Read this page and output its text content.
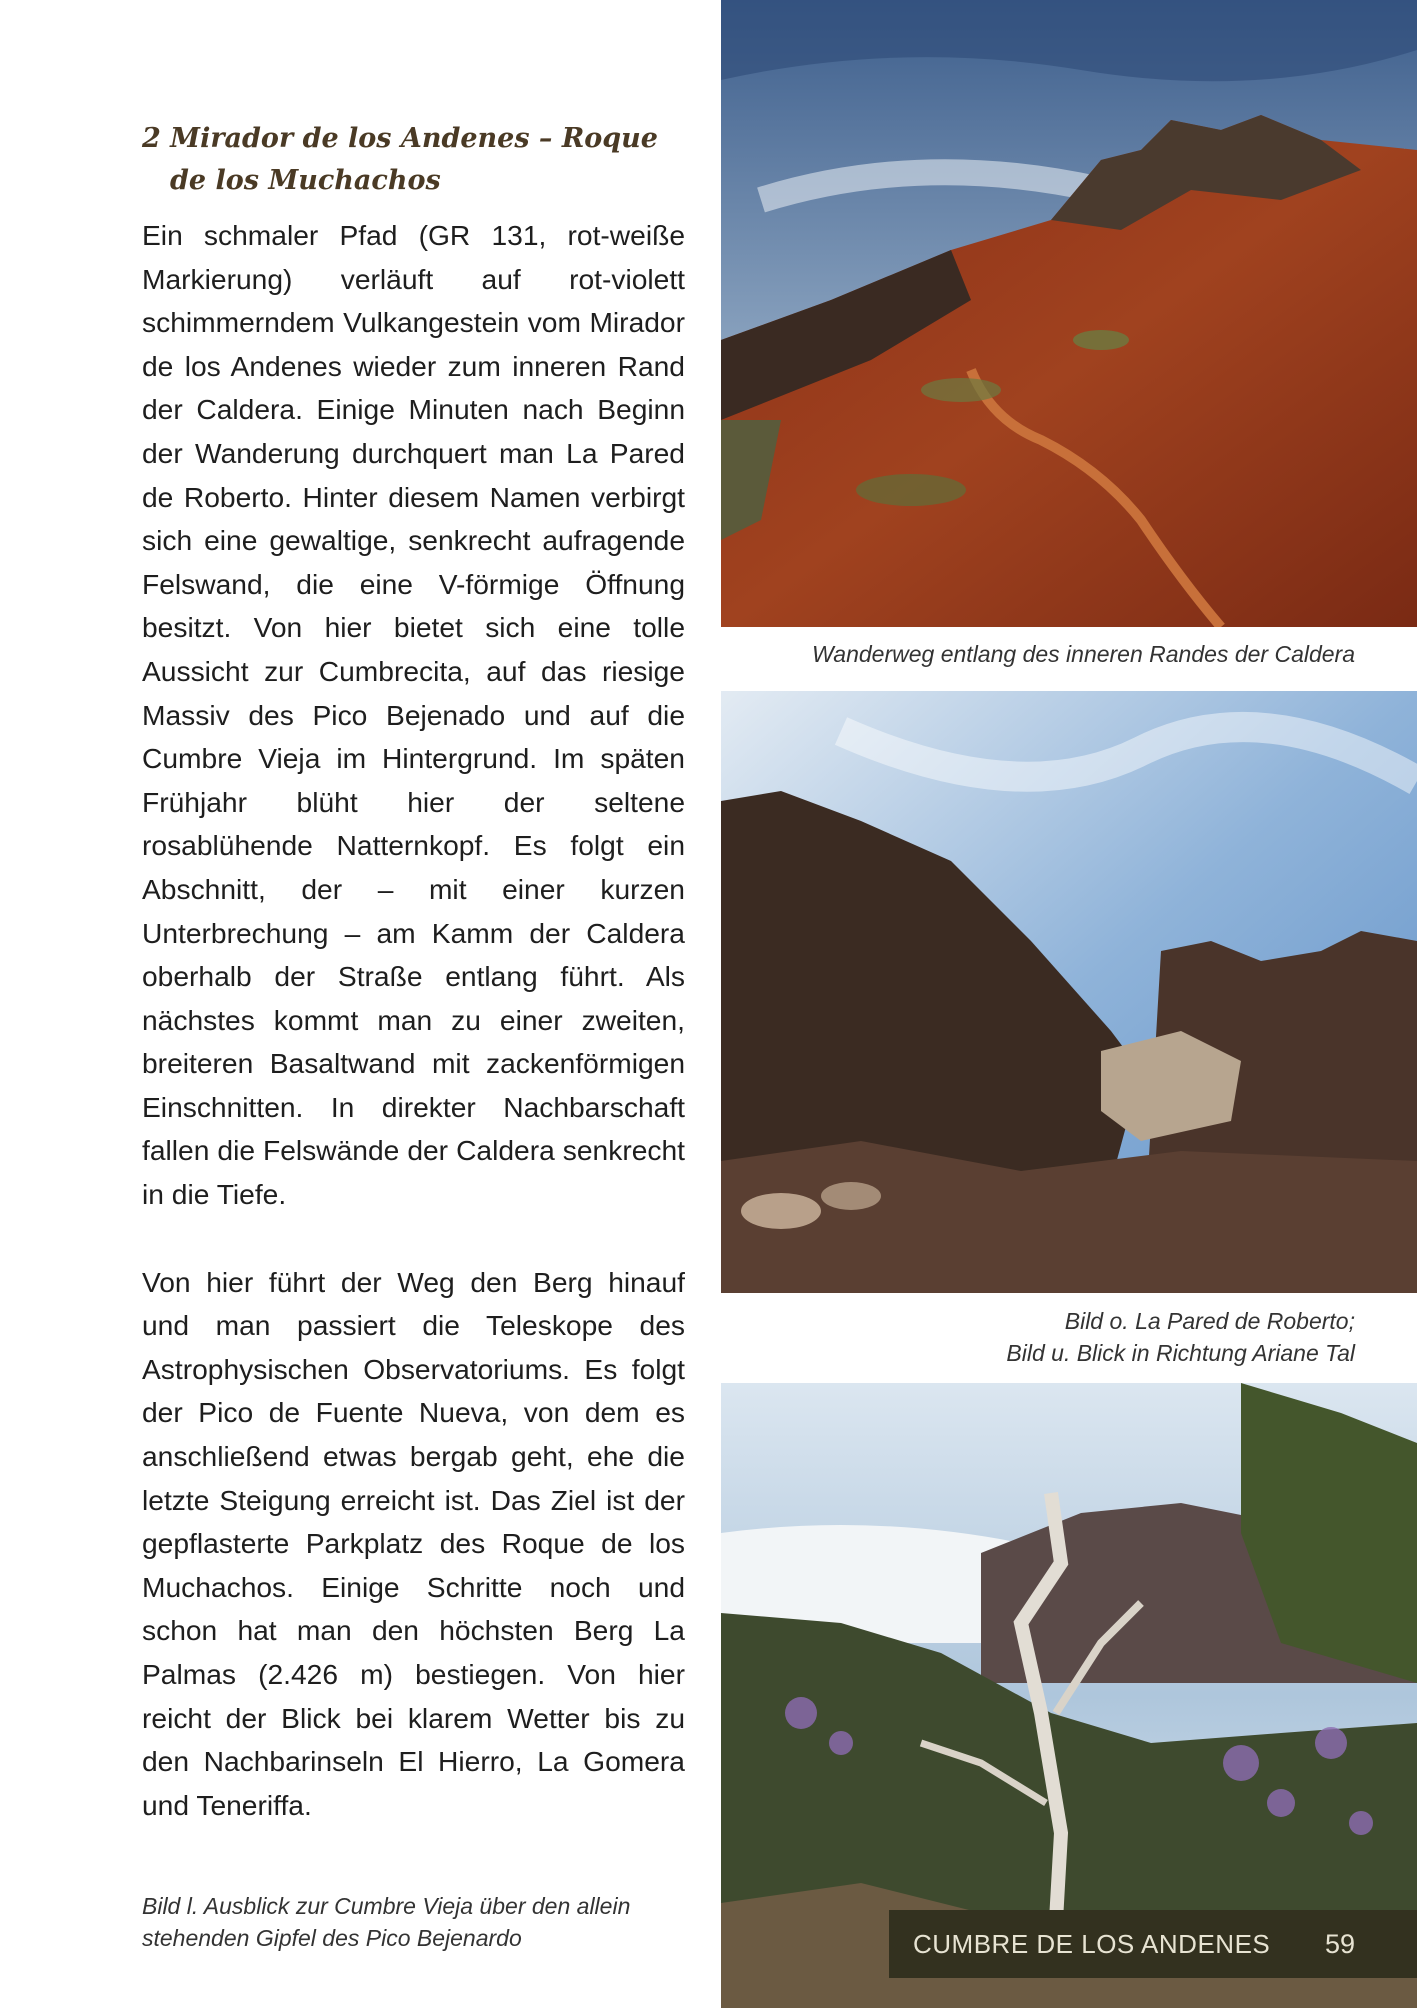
2 Mirador de los Andenes – Roque de los Muchachos

Ein schmaler Pfad (GR 131, rot-weiße Markierung) verläuft auf rot-violett schimmerndem Vulkangestein vom Mirador de los Andenes wieder zum inneren Rand der Caldera. Einige Minuten nach Beginn der Wanderung durchquert man La Pared de Roberto. Hinter diesem Namen verbirgt sich eine gewaltige, senkrecht aufragende Felswand, die eine V-förmige Öffnung besitzt. Von hier bietet sich eine tolle Aussicht zur Cumbrecita, auf das riesige Massiv des Pico Bejenado und auf die Cumbre Vieja im Hintergrund. Im späten Frühjahr blüht hier der seltene rosablühende Natternkopf. Es folgt ein Abschnitt, der – mit einer kurzen Unterbrechung – am Kamm der Caldera oberhalb der Straße entlang führt. Als nächstes kommt man zu einer zweiten, breiteren Basaltwand mit zackenförmigen Einschnitten. In direkter Nachbarschaft fallen die Felswände der Caldera senkrecht in die Tiefe.

Von hier führt der Weg den Berg hinauf und man passiert die Teleskope des Astrophysischen Observatoriums. Es folgt der Pico de Fuente Nueva, von dem es anschließend etwas bergab geht, ehe die letzte Steigung erreicht ist. Das Ziel ist der gepflasterte Parkplatz des Roque de los Muchachos. Einige Schritte noch und schon hat man den höchsten Berg La Palmas (2.426 m) bestiegen. Von hier reicht der Blick bei klarem Wetter bis zu den Nachbarinseln El Hierro, La Gomera und Teneriffa.

Bild l. Ausblick zur Cumbre Vieja über den allein
stehenden Gipfel des Pico Bejenardo
Wanderweg entlang des inneren Randes der Caldera
Bild o. La Pared de Roberto;
Bild u. Blick in Richtung Ariane Tal
CUMBRE DE LOS ANDENES 59
